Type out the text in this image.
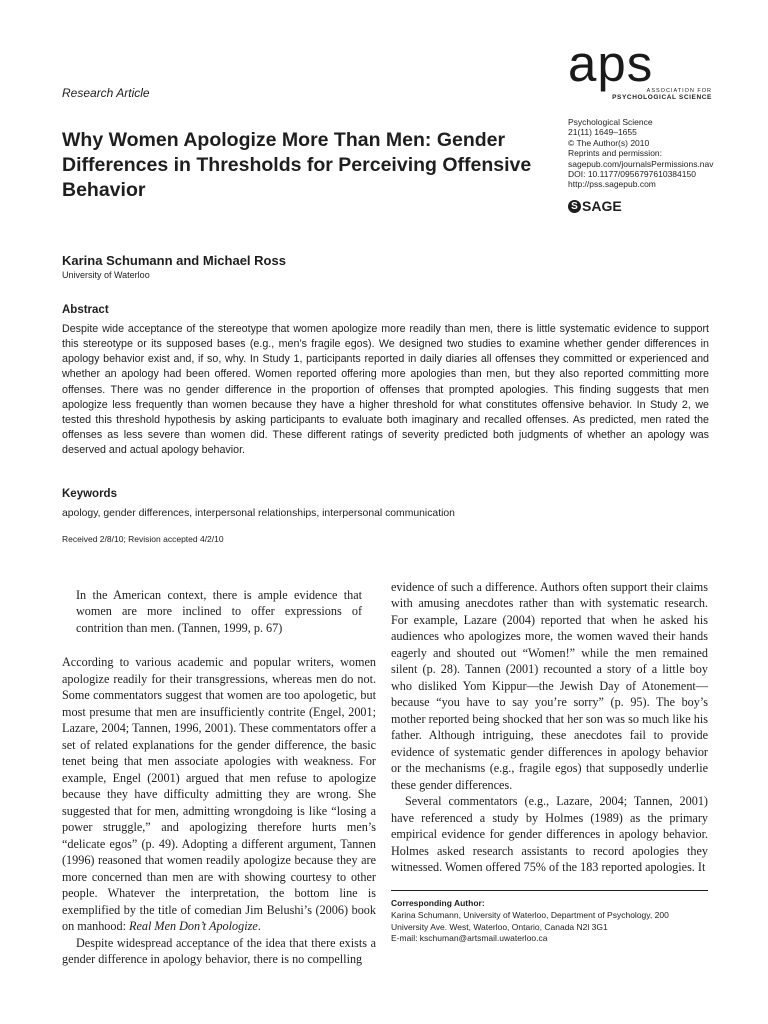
Research Article
Why Women Apologize More Than Men: Gender Differences in Thresholds for Perceiving Offensive Behavior
aps
ASSOCIATION FOR
PSYCHOLOGICAL SCIENCE
Psychological Science
21(11) 1649–1655
© The Author(s) 2010
Reprints and permission:
sagepub.com/journalsPermissions.nav
DOI: 10.1177/0956797610384150
http://pss.sagepub.com
S SAGE
Karina Schumann and Michael Ross
University of Waterloo
Abstract
Despite wide acceptance of the stereotype that women apologize more readily than men, there is little systematic evidence to support this stereotype or its supposed bases (e.g., men’s fragile egos). We designed two studies to examine whether gender differences in apology behavior exist and, if so, why. In Study 1, participants reported in daily diaries all offenses they committed or experienced and whether an apology had been offered. Women reported offering more apologies than men, but they also reported committing more offenses. There was no gender difference in the proportion of offenses that prompted apologies. This finding suggests that men apologize less frequently than women because they have a higher threshold for what constitutes offensive behavior. In Study 2, we tested this threshold hypothesis by asking participants to evaluate both imaginary and recalled offenses. As predicted, men rated the offenses as less severe than women did. These different ratings of severity predicted both judgments of whether an apology was deserved and actual apology behavior.
Keywords
apology, gender differences, interpersonal relationships, interpersonal communication
Received 2/8/10; Revision accepted 4/2/10

In the American context, there is ample evidence that women are more inclined to offer expressions of contrition than men. (Tannen, 1999, p. 67)

According to various academic and popular writers, women apologize readily for their transgressions, whereas men do not. Some commentators suggest that women are too apologetic, but most presume that men are insufficiently contrite (Engel, 2001; Lazare, 2004; Tannen, 1996, 2001). These commentators offer a set of related explanations for the gender difference, the basic tenet being that men associate apologies with weakness. For example, Engel (2001) argued that men refuse to apologize because they have difficulty admitting they are wrong. She suggested that for men, admitting wrongdoing is like “losing a power struggle,” and apologizing therefore hurts men’s “delicate egos” (p. 49). Adopting a different argument, Tannen (1996) reasoned that women readily apologize because they are more concerned than men are with showing courtesy to other people. Whatever the interpretation, the bottom line is exemplified by the title of comedian Jim Belushi’s (2006) book on manhood: Real Men Don’t Apologize.

Despite widespread acceptance of the idea that there exists a gender difference in apology behavior, there is no compelling

evidence of such a difference. Authors often support their claims with amusing anecdotes rather than with systematic research. For example, Lazare (2004) reported that when he asked his audiences who apologizes more, the women waved their hands eagerly and shouted out “Women!” while the men remained silent (p. 28). Tannen (2001) recounted a story of a little boy who disliked Yom Kippur—the Jewish Day of Atonement—because “you have to say you’re sorry” (p. 95). The boy’s mother reported being shocked that her son was so much like his father. Although intriguing, these anecdotes fail to provide evidence of systematic gender differences in apology behavior or the mechanisms (e.g., fragile egos) that supposedly underlie these gender differences.

Several commentators (e.g., Lazare, 2004; Tannen, 2001) have referenced a study by Holmes (1989) as the primary empirical evidence for gender differences in apology behavior. Holmes asked research assistants to record apologies they witnessed. Women offered 75% of the 183 reported apologies. It

Corresponding Author:
Karina Schumann, University of Waterloo, Department of Psychology, 200
University Ave. West, Waterloo, Ontario, Canada N2l 3G1
E-mail: kschuman@artsmail.uwaterloo.ca
